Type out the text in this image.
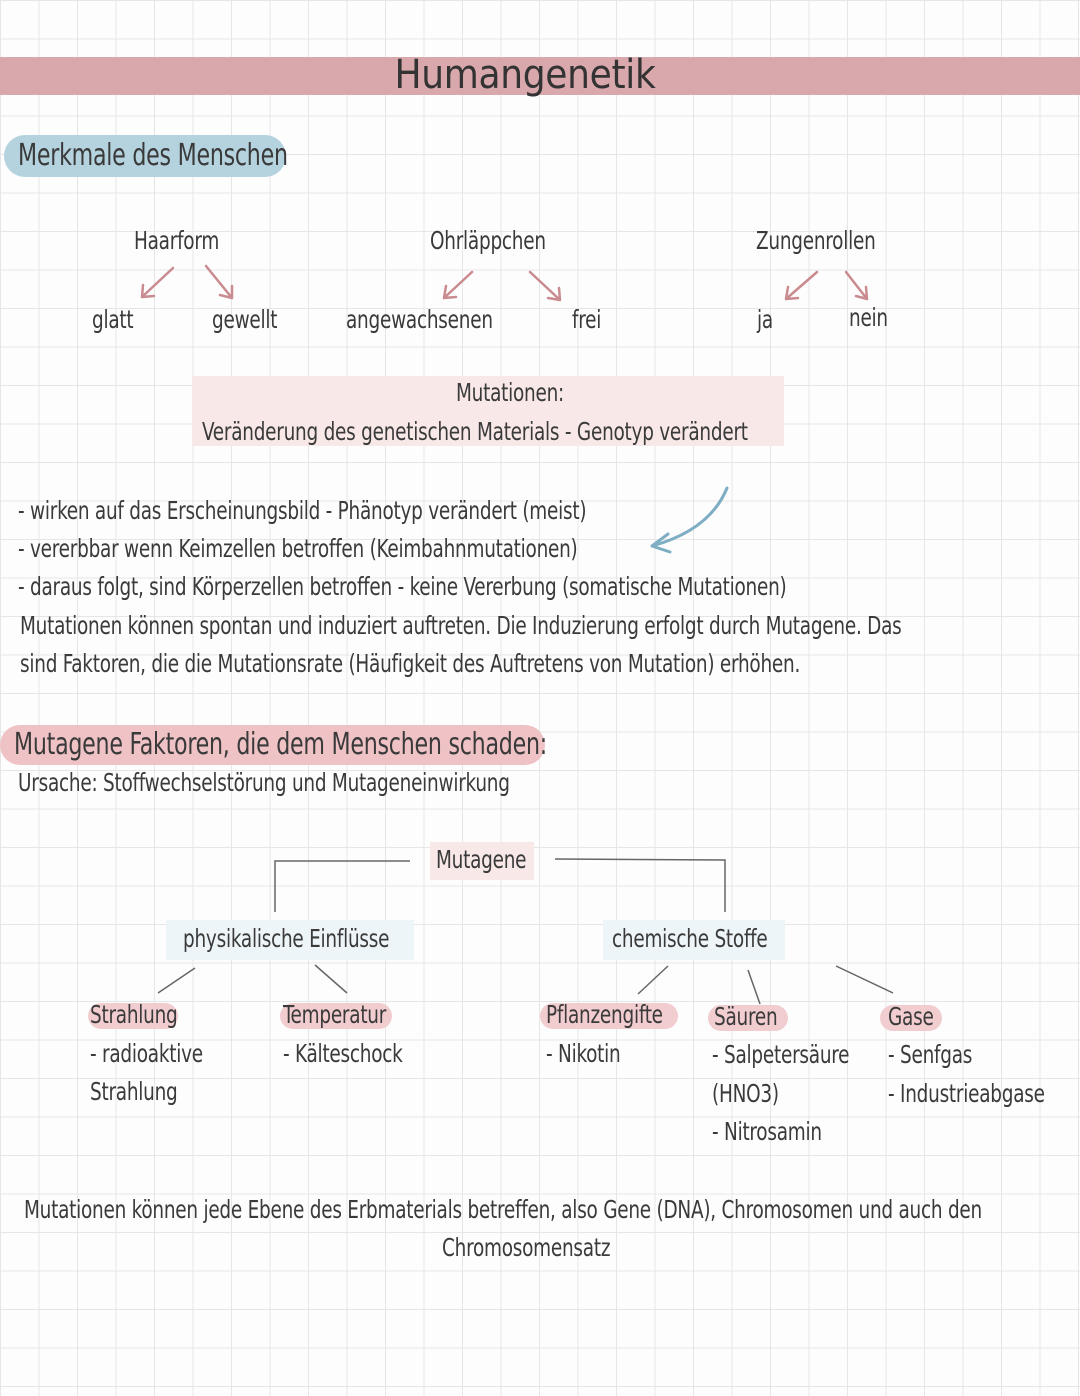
Humangenetik
Merkmale des Menschen
Haarform
glatt	gewellt
Ohrläppchen
angewachsenen	frei
Zungenrollen
ja	nein
Mutationen:
Veränderung des genetischen Materials - Genotyp verändert
- wirken auf das Erscheinungsbild - Phänotyp verändert (meist)
- vererbbar wenn Keimzellen betroffen (Keimbahnmutationen)
- daraus folgt, sind Körperzellen betroffen - keine Vererbung (somatische Mutationen)
Mutationen können spontan und induziert auftreten. Die Induzierung erfolgt durch Mutagene. Das
sind Faktoren, die die Mutationsrate (Häufigkeit des Auftretens von Mutation) erhöhen.
Mutagene Faktoren, die dem Menschen schaden:
Ursache: Stoffwechselstörung und Mutageneinwirkung
Mutagene
physikalische Einflüsse	chemische Stoffe
Strahlung
- radioaktive
Strahlung
Temperatur
- Kälteschock
Pflanzengifte
- Nikotin
Säuren
- Salpetersäure
(HNO3)
- Nitrosamin
Gase
- Senfgas
- Industrieabgase
Mutationen können jede Ebene des Erbmaterials betreffen, also Gene (DNA), Chromosomen und auch den
Chromosomensatz
